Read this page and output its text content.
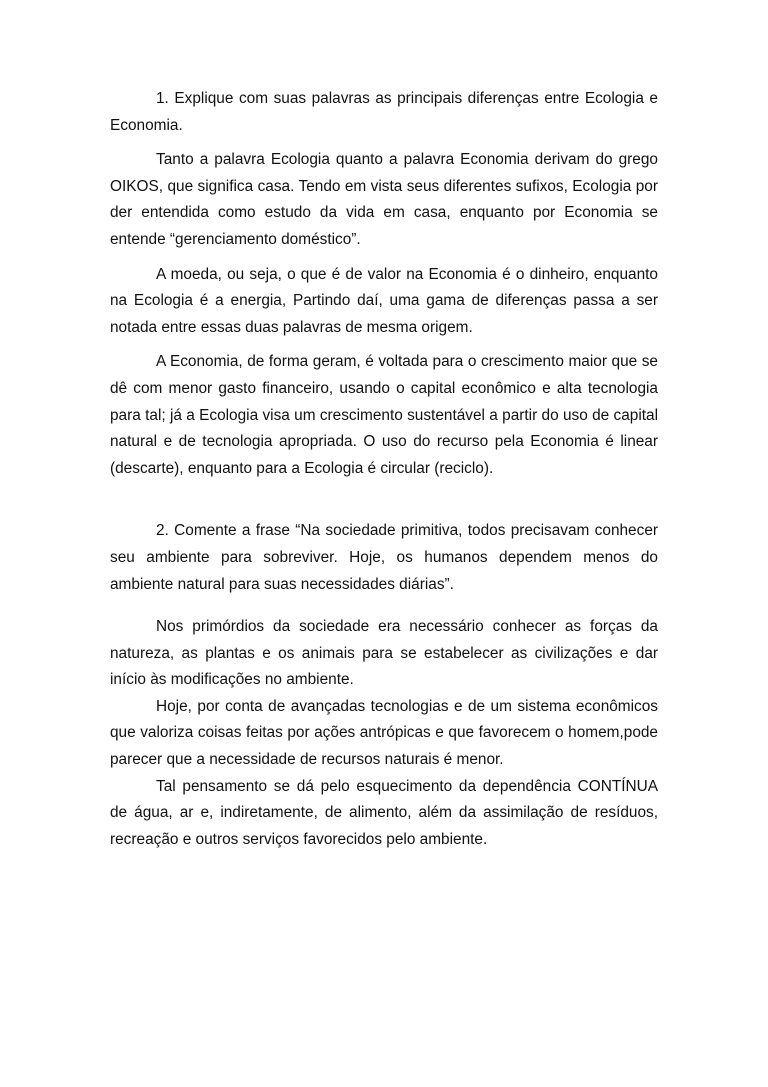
1. Explique com suas palavras as principais diferenças entre Ecologia e Economia.

Tanto a palavra Ecologia quanto a palavra Economia derivam do grego OIKOS, que significa casa. Tendo em vista seus diferentes sufixos, Ecologia por der entendida como estudo da vida em casa, enquanto por Economia se entende “gerenciamento doméstico”.

A moeda, ou seja, o que é de valor na Economia é o dinheiro, enquanto na Ecologia é a energia, Partindo daí, uma gama de diferenças passa a ser notada entre essas duas palavras de mesma origem.

A Economia, de forma geram, é voltada para o crescimento maior que se dê com menor gasto financeiro, usando o capital econômico e alta tecnologia para tal; já a Ecologia visa um crescimento sustentável a partir do uso de capital natural e de tecnologia apropriada. O uso do recurso pela Economia é linear (descarte), enquanto para a Ecologia é circular (reciclo).

2. Comente a frase “Na sociedade primitiva, todos precisavam conhecer seu ambiente para sobreviver. Hoje, os humanos dependem menos do ambiente natural para suas necessidades diárias”.

Nos primórdios da sociedade era necessário conhecer as forças da natureza, as plantas e os animais para se estabelecer as civilizações e dar início às modificações no ambiente.

Hoje, por conta de avançadas tecnologias e de um sistema econômicos que valoriza coisas feitas por ações antrópicas e que favorecem o homem,pode parecer que a necessidade de recursos naturais é menor.

Tal pensamento se dá pelo esquecimento da dependência CONTÍNUA de água, ar e, indiretamente, de alimento, além da assimilação de resíduos, recreação e outros serviços favorecidos pelo ambiente.
